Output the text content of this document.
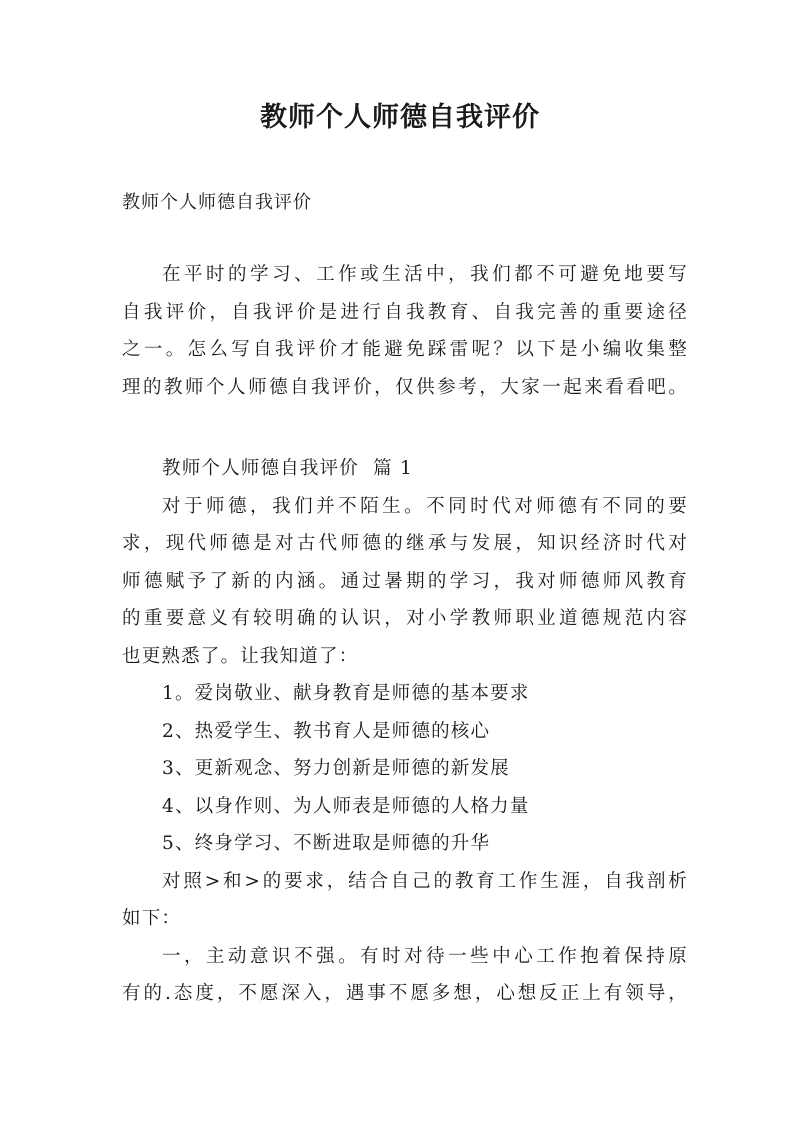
教师个人师德自我评价

教师个人师德自我评价

在平时的学习、工作或生活中，我们都不可避免地要写
自我评价，自我评价是进行自我教育、自我完善的重要途径
之一。怎么写自我评价才能避免踩雷呢？以下是小编收集整
理的教师个人师德自我评价，仅供参考，大家一起来看看吧。
教师个人师德自我评价  篇 1
对于师德，我们并不陌生。不同时代对师德有不同的要
求，现代师德是对古代师德的继承与发展，知识经济时代对
师德赋予了新的内涵。通过暑期的学习，我对师德师风教育
的重要意义有较明确的认识，对小学教师职业道德规范内容
也更熟悉了。让我知道了：
1。爱岗敬业、献身教育是师德的基本要求
2、热爱学生、教书育人是师德的核心
3、更新观念、努力创新是师德的新发展
4、以身作则、为人师表是师德的人格力量
5、终身学习、不断进取是师德的升华
对照>和>的要求，结合自己的教育工作生涯，自我剖析
如下：
一，主动意识不强。有时对待一些中心工作抱着保持原
有的.态度，不愿深入，遇事不愿多想，心想反正上有领导，
